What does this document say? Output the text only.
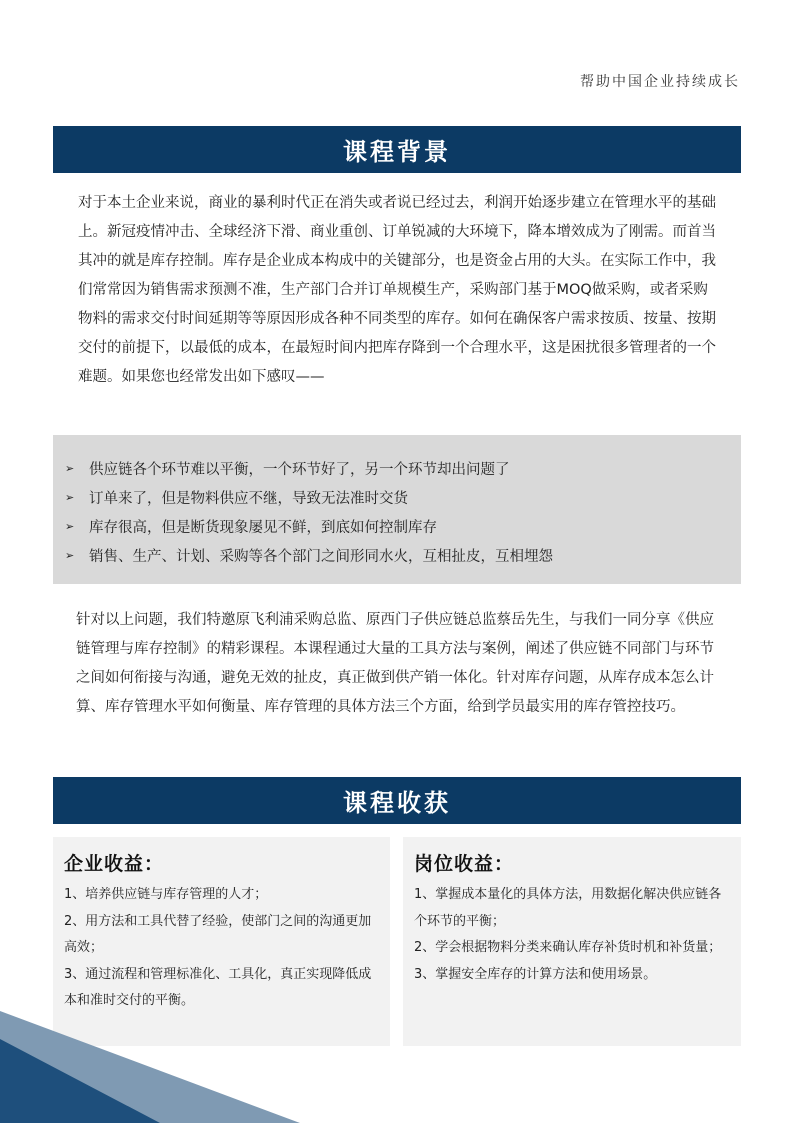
帮助中国企业持续成长
课程背景

对于本土企业来说，商业的暴利时代正在消失或者说已经过去，利润开始逐步建立在管理水平的基础上。新冠疫情冲击、全球经济下滑、商业重创、订单锐减的大环境下，降本增效成为了刚需。而首当其冲的就是库存控制。库存是企业成本构成中的关键部分，也是资金占用的大头。在实际工作中，我们常常因为销售需求预测不准，生产部门合并订单规模生产，采购部门基于MOQ做采购，或者采购物料的需求交付时间延期等等原因形成各种不同类型的库存。如何在确保客户需求按质、按量、按期交付的前提下，以最低的成本，在最短时间内把库存降到一个合理水平，这是困扰很多管理者的一个难题。如果您也经常发出如下感叹——

➢	供应链各个环节难以平衡，一个环节好了，另一个环节却出问题了
➢	订单来了，但是物料供应不继，导致无法准时交货
➢	库存很高，但是断货现象屡见不鲜，到底如何控制库存
➢	销售、生产、计划、采购等各个部门之间形同水火，互相扯皮，互相埋怨

针对以上问题，我们特邀原飞利浦采购总监、原西门子供应链总监蔡岳先生，与我们一同分享《供应链管理与库存控制》的精彩课程。本课程通过大量的工具方法与案例，阐述了供应链不同部门与环节之间如何衔接与沟通，避免无效的扯皮，真正做到供产销一体化。针对库存问题，从库存成本怎么计算、库存管理水平如何衡量、库存管理的具体方法三个方面，给到学员最实用的库存管控技巧。

课程收获
企业收益：
1、培养供应链与库存管理的人才；
2、用方法和工具代替了经验，使部门之间的沟通更加高效；
3、通过流程和管理标准化、工具化，真正实现降低成本和准时交付的平衡。
岗位收益：
1、掌握成本量化的具体方法，用数据化解决供应链各个环节的平衡；
2、学会根据物料分类来确认库存补货时机和补货量；
3、掌握安全库存的计算方法和使用场景。
